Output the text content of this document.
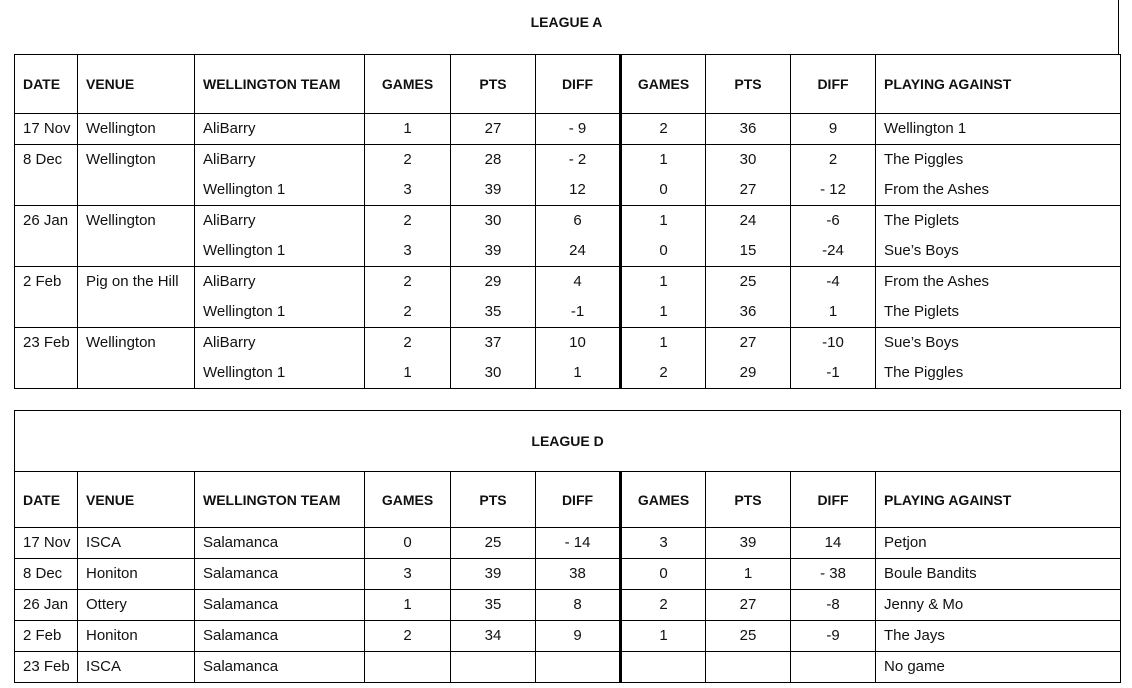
LEAGUE A
DATE	VENUE	WELLINGTON TEAM	GAMES	PTS	DIFF	GAMES	PTS	DIFF	PLAYING AGAINST
17 Nov	Wellington	AliBarry	1	27	- 9	2	36	9	Wellington 1
8 Dec	Wellington	AliBarry	2	28	- 2	1	30	2	The Piggles
		Wellington 1	3	39	12	0	27	- 12	From the Ashes
26 Jan	Wellington	AliBarry	2	30	6	1	24	-6	The Piglets
		Wellington 1	3	39	24	0	15	-24	Sue’s Boys
2 Feb	Pig on the Hill	AliBarry	2	29	4	1	25	-4	From the Ashes
		Wellington 1	2	35	-1	1	36	1	The Piglets
23 Feb	Wellington	AliBarry	2	37	10	1	27	-10	Sue’s Boys
		Wellington 1	1	30	1	2	29	-1	The Piggles
LEAGUE D									
DATE	VENUE	WELLINGTON TEAM	GAMES	PTS	DIFF	GAMES	PTS	DIFF	PLAYING AGAINST
17 Nov	ISCA	Salamanca	0	25	- 14	3	39	14	Petjon
8 Dec	Honiton	Salamanca	3	39	38	0	1	- 38	Boule Bandits
26 Jan	Ottery	Salamanca	1	35	8	2	27	-8	Jenny & Mo
2 Feb	Honiton	Salamanca	2	34	9	1	25	-9	The Jays
23 Feb	ISCA	Salamanca							No game
